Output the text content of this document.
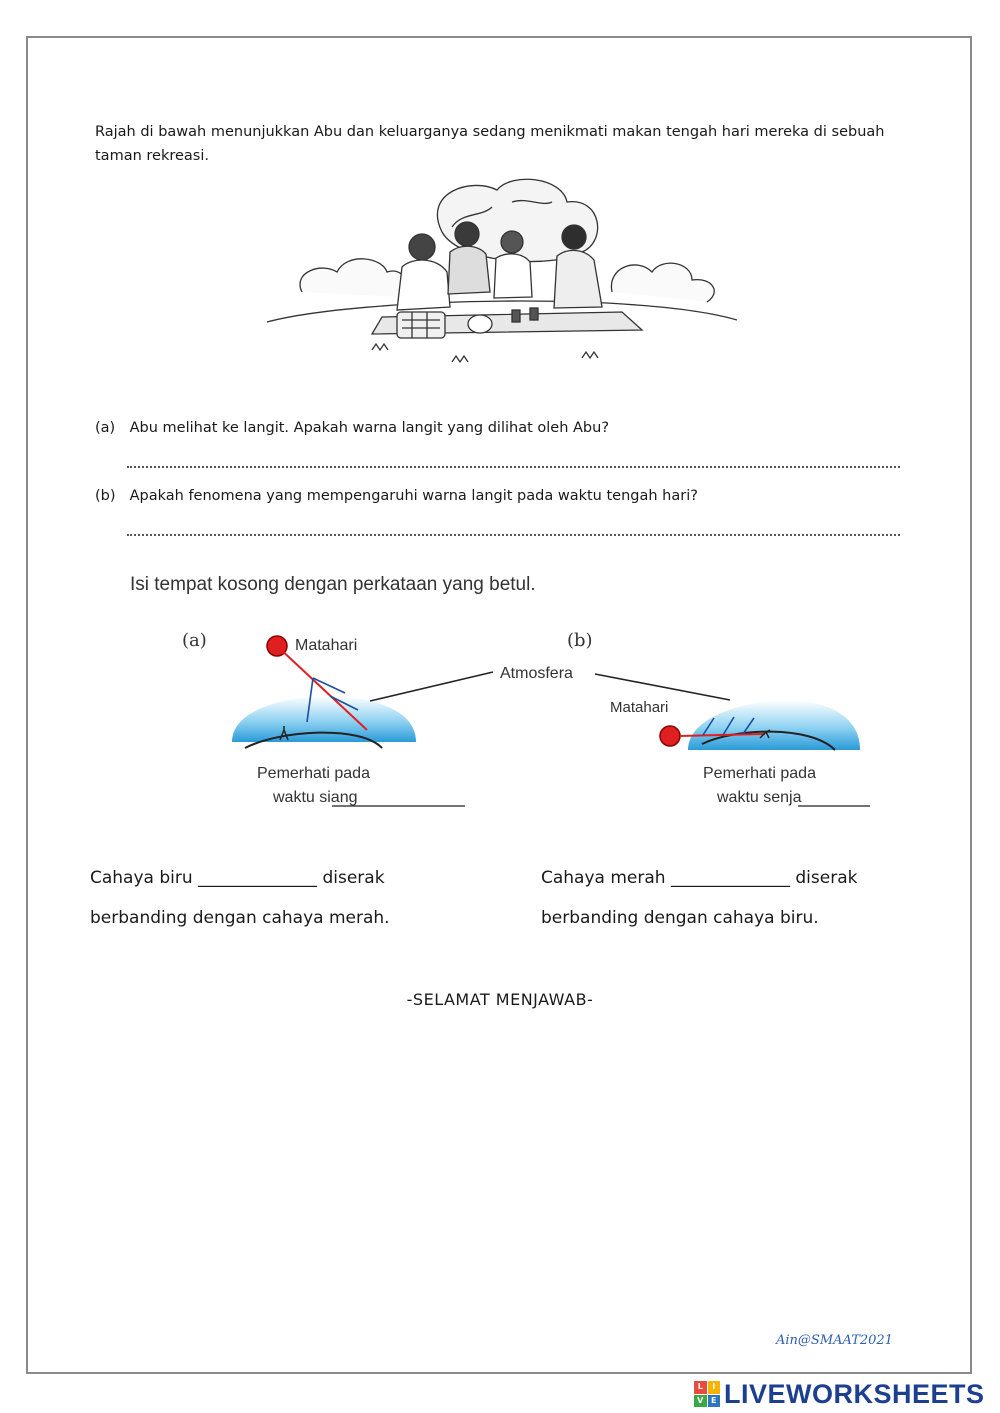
Rajah di bawah menunjukkan Abu dan keluarganya sedang menikmati makan tengah hari mereka di sebuah
taman rekreasi.
(a) Abu melihat ke langit. Apakah warna langit yang dilihat oleh Abu?
(b) Apakah fenomena yang mempengaruhi warna langit pada waktu tengah hari?
Isi tempat kosong dengan perkataan yang betul.
(a)	(b)
Matahari
Pemerhati pada
waktu siang
Atmosfera
Matahari
Pemerhati pada
waktu senja
Cahaya biru ______________ diserak
berbanding dengan cahaya merah.
Cahaya merah ______________ diserak
berbanding dengan cahaya biru.
-SELAMAT MENJAWAB-
Ain@SMAAT2021
L	I
V E LIVEWORKSHEETS
